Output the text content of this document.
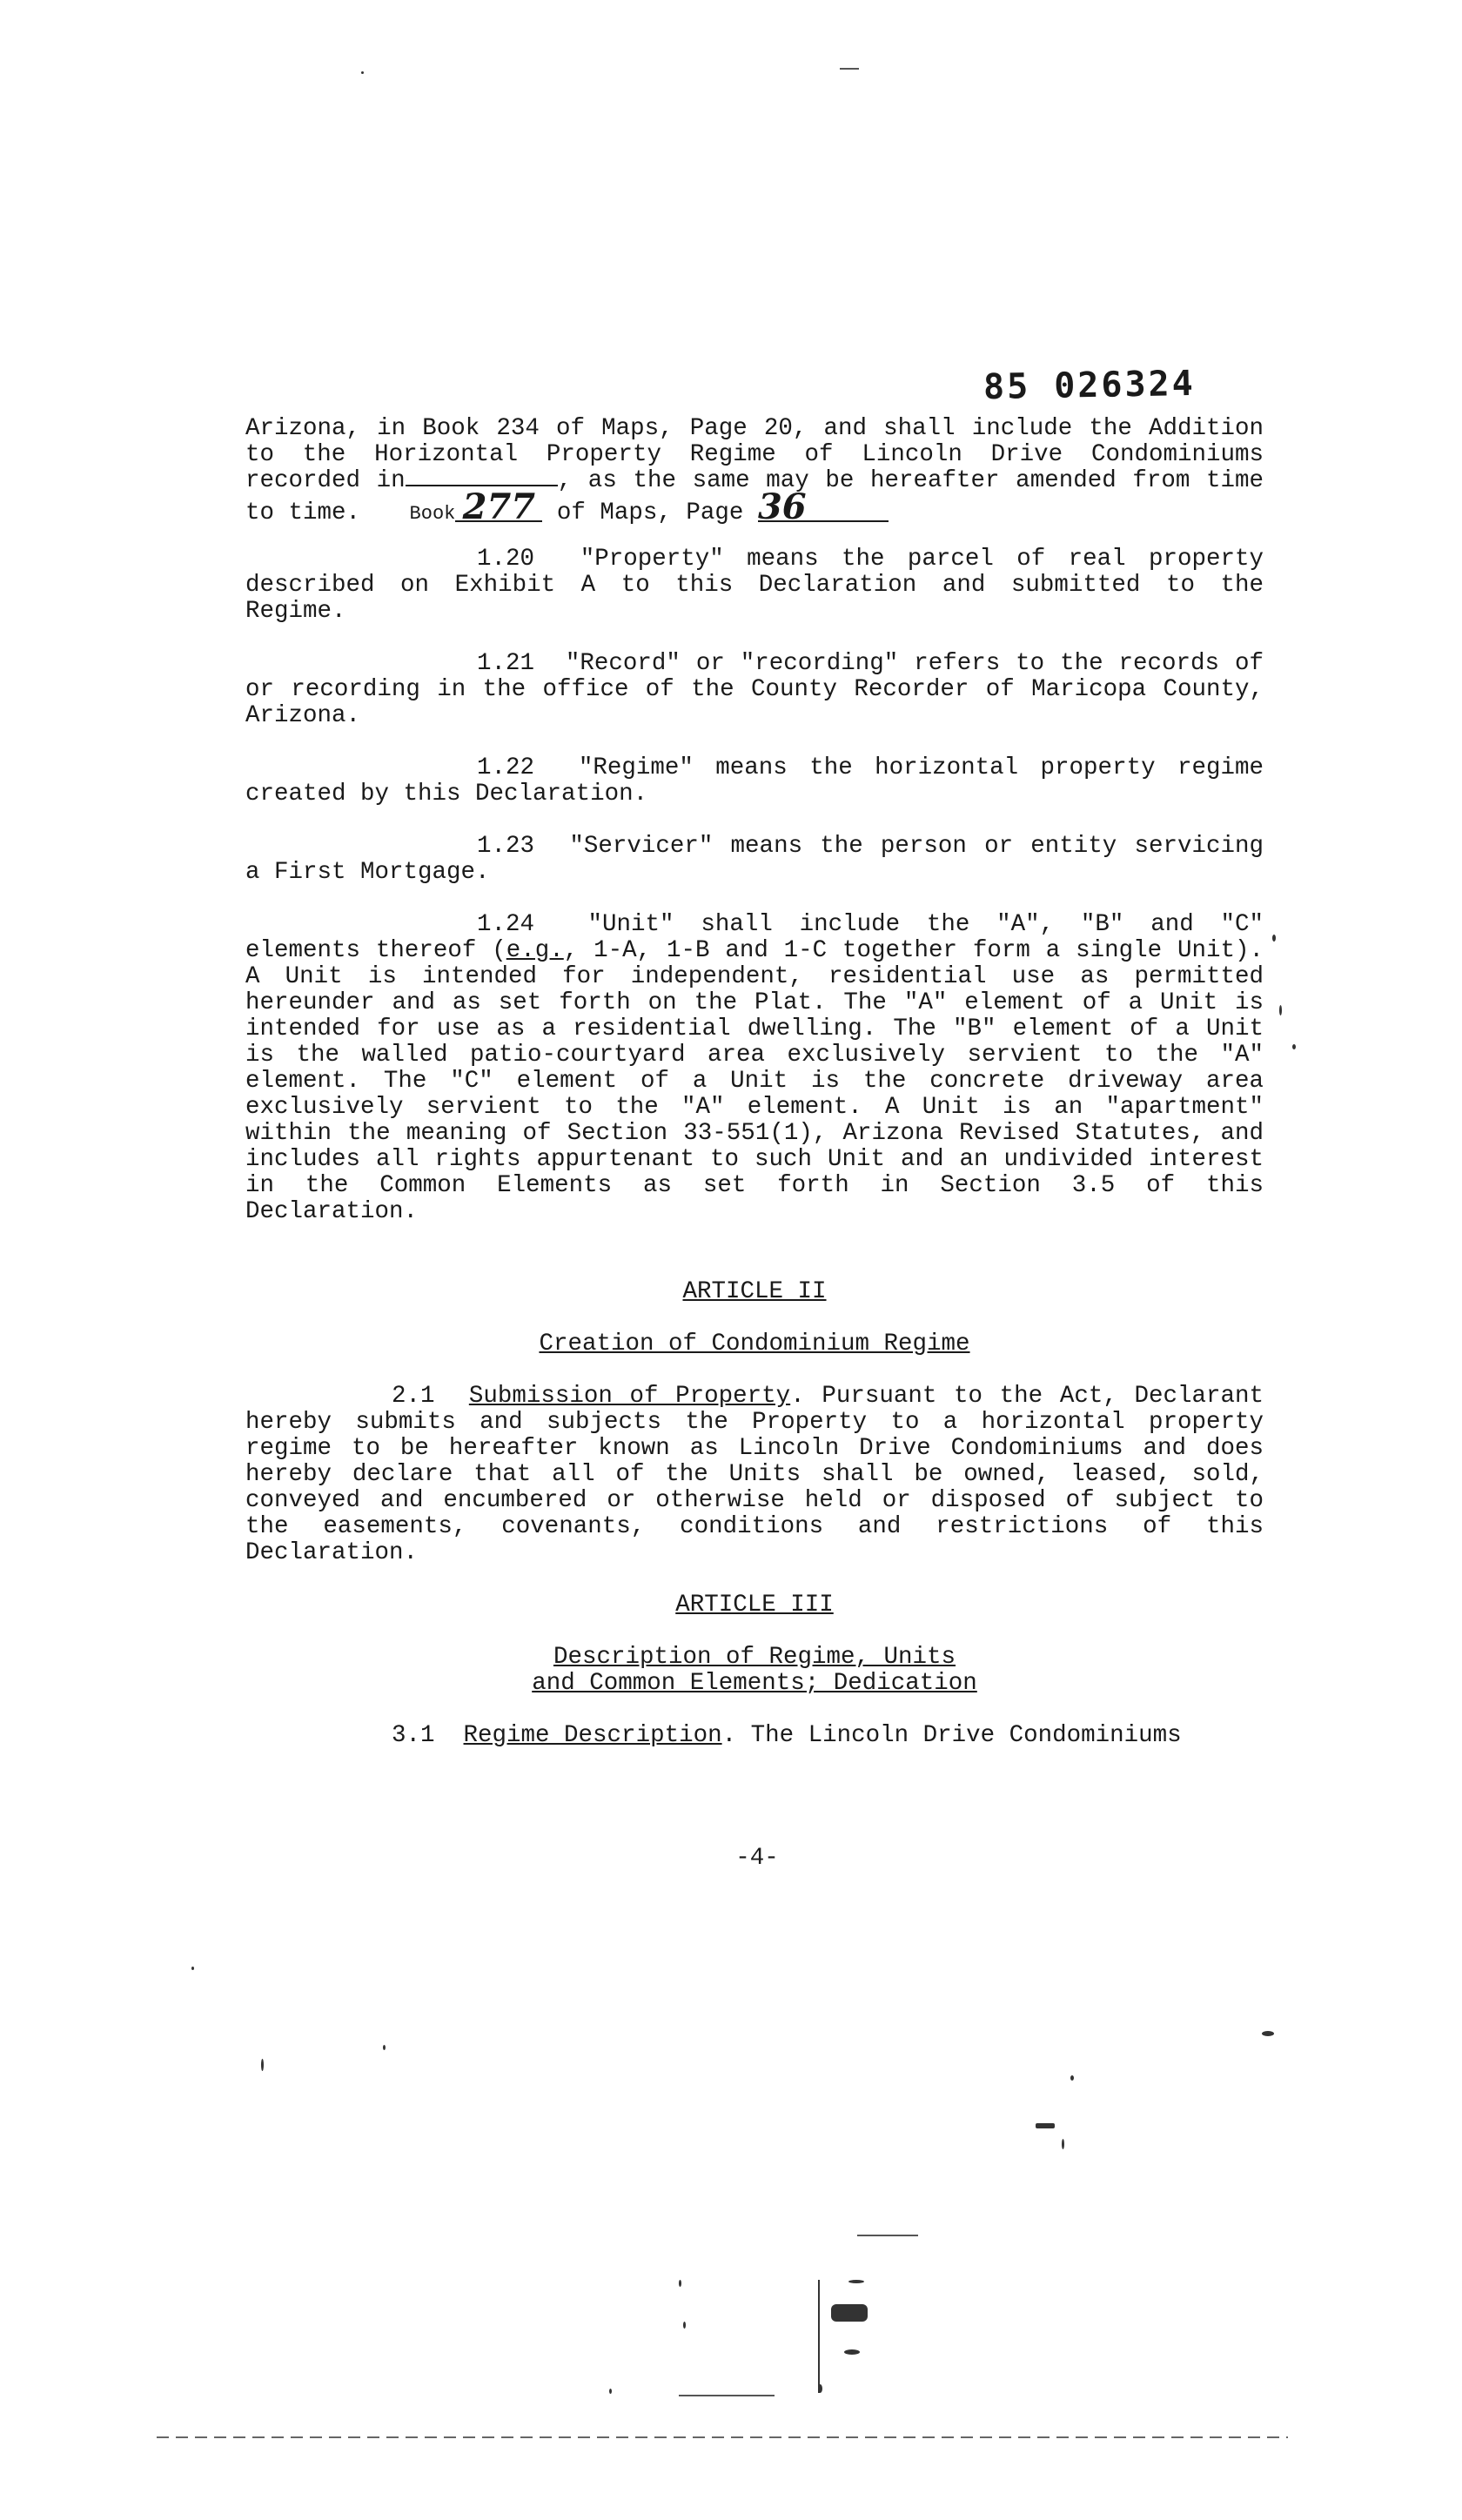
85 026324
Arizona, in Book 234 of Maps, Page 20, and shall include the Addition to the Horizontal Property Regime of Lincoln Drive Condominiums recorded in	, as the same may be hereafter amended from time to time.	Book 277 of Maps, Page 36
1.20 "Property" means the parcel of real property described on Exhibit A to this Declaration and submitted to the Regime.
1.21 "Record" or "recording" refers to the records of or recording in the office of the County Recorder of Maricopa County, Arizona.
1.22 "Regime" means the horizontal property regime created by this Declaration.
1.23 "Servicer" means the person or entity servicing a First Mortgage.
1.24 "Unit" shall include the "A", "B" and "C" elements thereof (e.g., 1-A, 1-B and 1-C together form a single Unit). A Unit is intended for independent, residential use as permitted hereunder and as set forth on the Plat. The "A" element of a Unit is intended for use as a residential dwelling. The "B" element of a Unit is the walled patio-courtyard area exclusively servient to the "A" element. The "C" element of a Unit is the concrete driveway area exclusively servient to the "A" element. A Unit is an "apartment" within the meaning of Section 33-551(1), Arizona Revised Statutes, and includes all rights appurtenant to such Unit and an undivided interest in the Common Elements as set forth in Section 3.5 of this Declaration.
ARTICLE II
Creation of Condominium Regime
2.1 Submission of Property. Pursuant to the Act, Declarant hereby submits and subjects the Property to a horizontal property regime to be hereafter known as Lincoln Drive Condominiums and does hereby declare that all of the Units shall be owned, leased, sold, conveyed and encumbered or otherwise held or disposed of subject to the easements, covenants, conditions and restrictions of this Declaration.
ARTICLE III
Description of Regime, Units
and Common Elements; Dedication
3.1 Regime Description. The Lincoln Drive Condominiums
-4-
